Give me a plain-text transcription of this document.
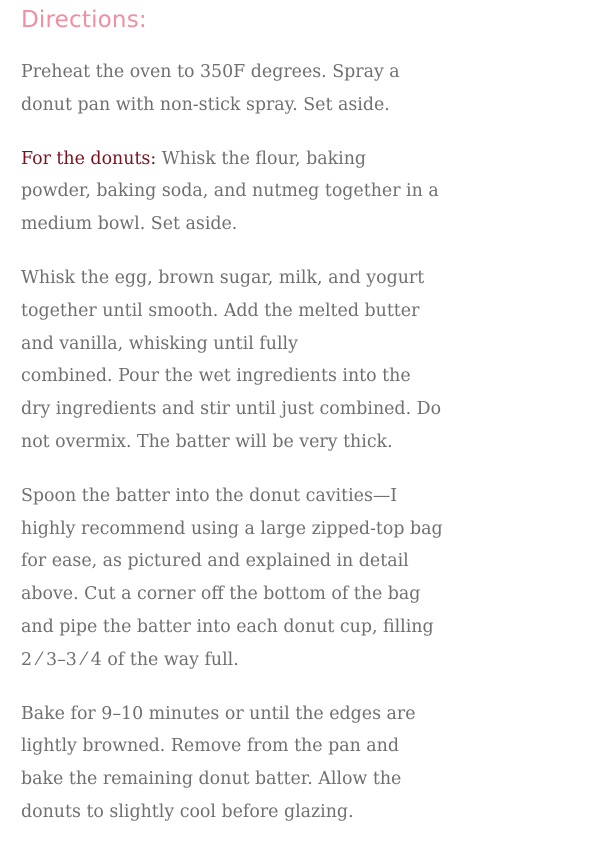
Directions:

Preheat the oven to 350F degrees. Spray a
donut pan with non-stick spray. Set aside.

For the donuts: Whisk the flour, baking
powder, baking soda, and nutmeg together in a
medium bowl. Set aside.

Whisk the egg, brown sugar, milk, and yogurt
together until smooth. Add the melted butter
and vanilla, whisking until fully
combined. Pour the wet ingredients into the
dry ingredients and stir until just combined. Do
not overmix. The batter will be very thick.

Spoon the batter into the donut cavities—I
highly recommend using a large zipped-top bag
for ease, as pictured and explained in detail
above. Cut a corner off the bottom of the bag
and pipe the batter into each donut cup, filling
2 ⁄ 3–3 ⁄ 4 of the way full.

Bake for 9–10 minutes or until the edges are
lightly browned. Remove from the pan and
bake the remaining donut batter. Allow the
donuts to slightly cool before glazing.
